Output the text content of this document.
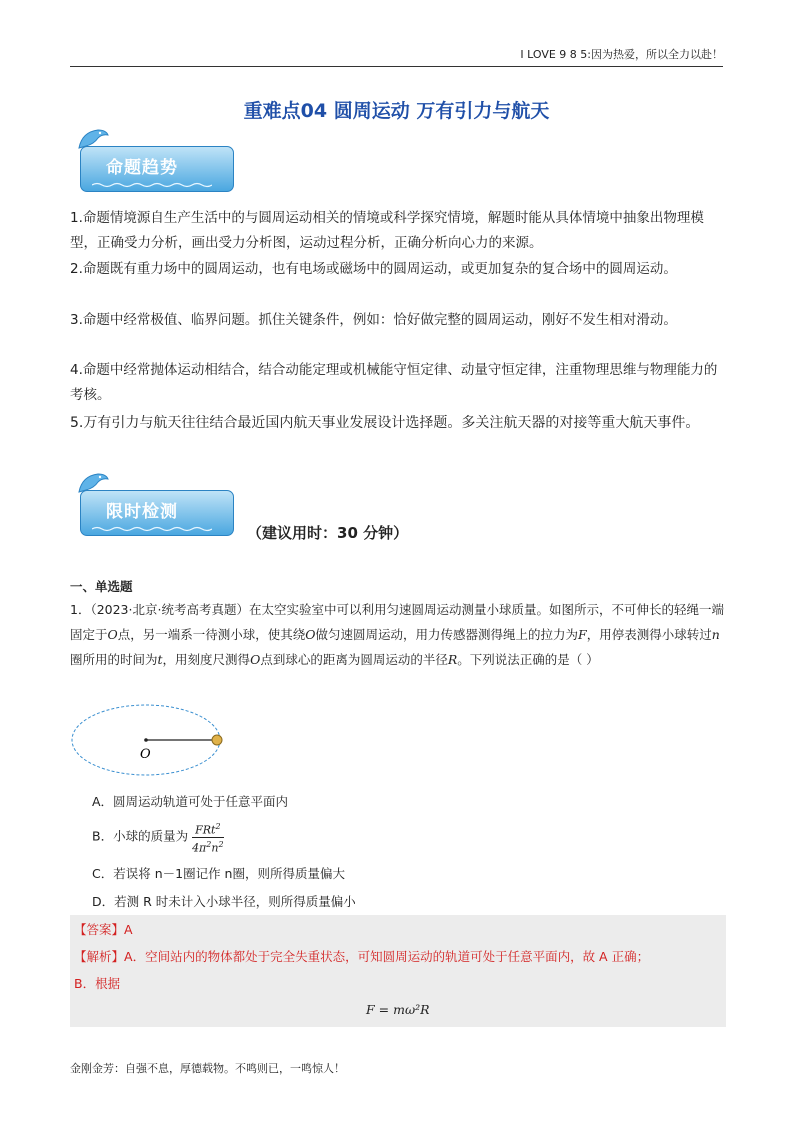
I LOVE 9 8 5:因为热爱，所以全力以赴！
重难点04 圆周运动 万有引力与航天
命题趋势
1.命题情境源自生产生活中的与圆周运动相关的情境或科学探究情境，解题时能从具体情境中抽象出物理模型，正确受力分析，画出受力分析图，运动过程分析，正确分析向心力的来源。
2.命题既有重力场中的圆周运动，也有电场或磁场中的圆周运动，或更加复杂的复合场中的圆周运动。
3.命题中经常极值、临界问题。抓住关键条件，例如：恰好做完整的圆周运动，刚好不发生相对滑动。
4.命题中经常抛体运动相结合，结合动能定理或机械能守恒定律、动量守恒定律，注重物理思维与物理能力的考核。
5.万有引力与航天往往结合最近国内航天事业发展设计选择题。多关注航天器的对接等重大航天事件。
限时检测
（建议用时：30 分钟）
一、单选题
1．（2023·北京·统考高考真题）在太空实验室中可以利用匀速圆周运动测量小球质量。如图所示，不可伸长的轻绳一端固定于O点，另一端系一待测小球，使其绕O做匀速圆周运动，用力传感器测得绳上的拉力为F，用停表测得小球转过n圈所用的时间为t，用刻度尺测得O点到球心的距离为圆周运动的半径R。下列说法正确的是（ ）
O
A．圆周运动轨道可处于任意平面内
B．小球的质量为 $\frac{FRt^2}{4\pi^2n^2}$
C．若误将 n－1圈记作 n圈，则所得质量偏大
D．若测 R 时未计入小球半径，则所得质量偏小
【答案】A
【解析】A．空间站内的物体都处于完全失重状态，可知圆周运动的轨道可处于任意平面内，故 A 正确；
B．根据
F = mω²R
金刚金芳：自强不息，厚德载物。不鸣则已，一鸣惊人！
